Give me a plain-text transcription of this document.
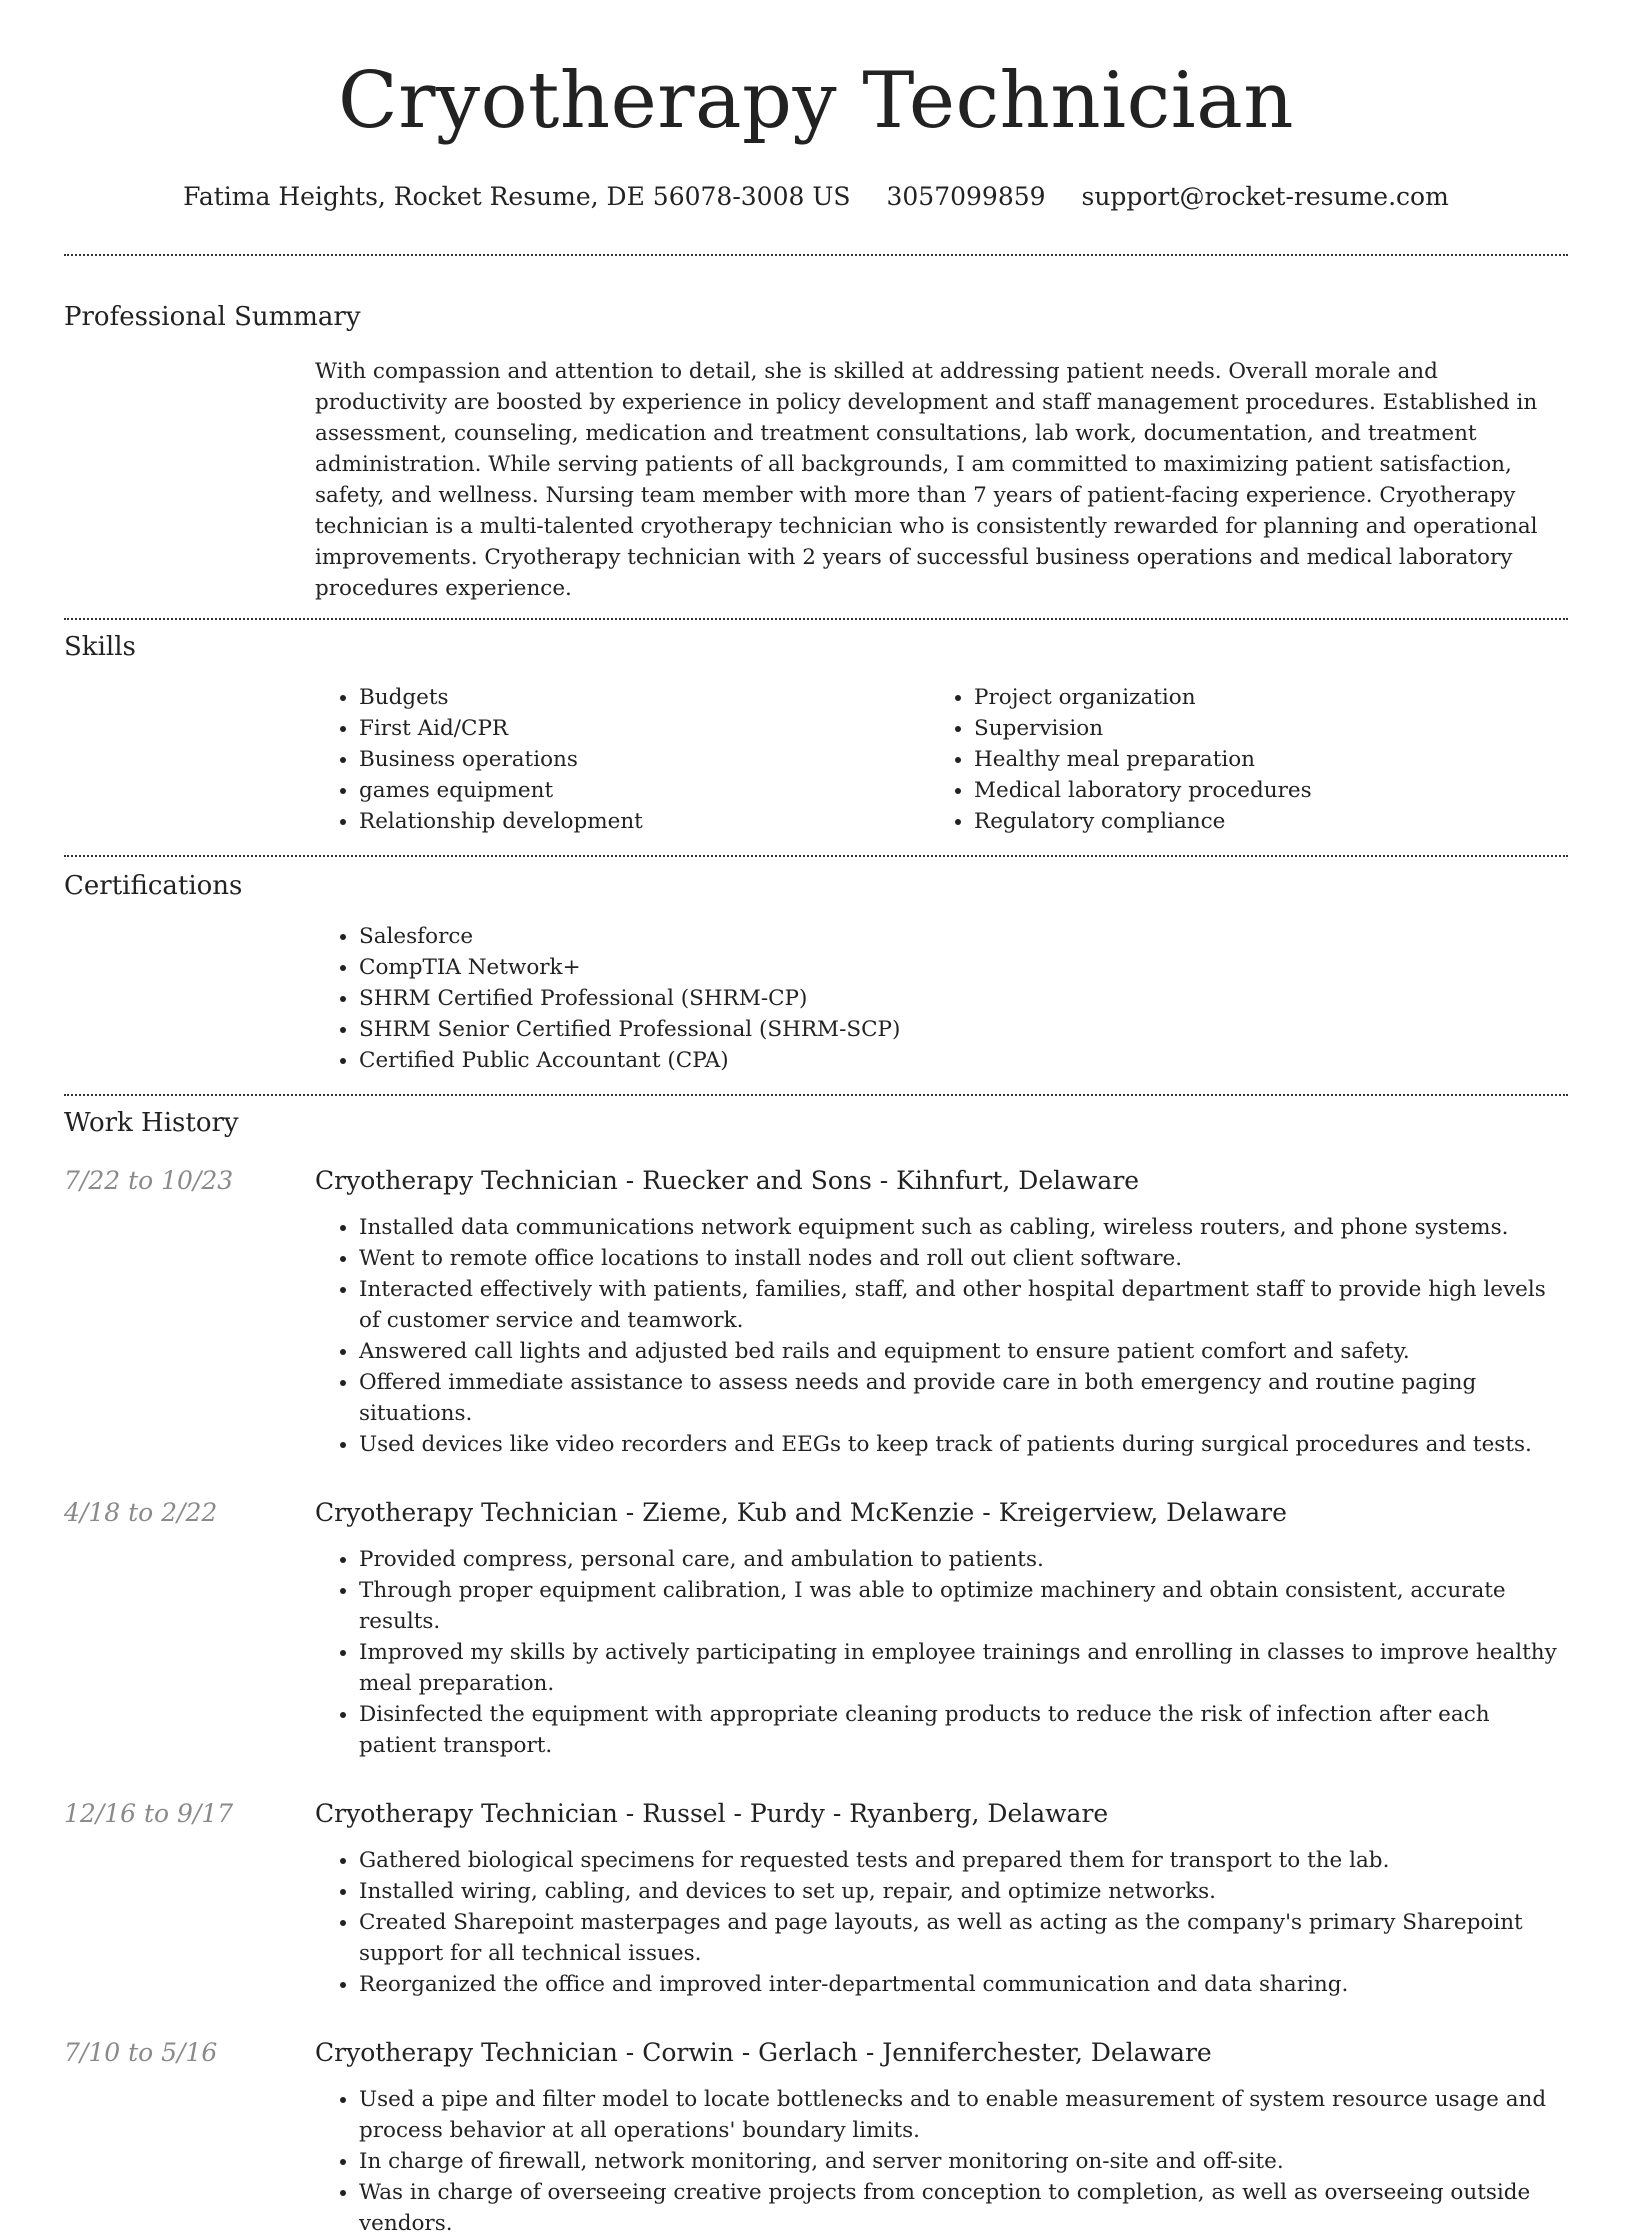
Cryotherapy Technician
Fatima Heights, Rocket Resume, DE 56078-3008 US 3057099859 support@rocket-resume.com
Professional Summary

With compassion and attention to detail, she is skilled at addressing patient needs. Overall morale and productivity are boosted by experience in policy development and staff management procedures. Established in assessment, counseling, medication and treatment consultations, lab work, documentation, and treatment administration. While serving patients of all backgrounds, I am committed to maximizing patient satisfaction, safety, and wellness. Nursing team member with more than 7 years of patient-facing experience. Cryotherapy technician is a multi-talented cryotherapy technician who is consistently rewarded for planning and operational improvements. Cryotherapy technician with 2 years of successful business operations and medical laboratory procedures experience.

Skills
• Budgets
• First Aid/CPR
• Business operations
• games equipment
• Relationship development
• Project organization
• Supervision
• Healthy meal preparation
• Medical laboratory procedures
• Regulatory compliance
Certifications
• Salesforce
• CompTIA Network+
• SHRM Certified Professional (SHRM-CP)
• SHRM Senior Certified Professional (SHRM-SCP)
• Certified Public Accountant (CPA)
Work History
7/22 to 10/23	Cryotherapy Technician - Ruecker and Sons - Kihnfurt, Delaware
• Installed data communications network equipment such as cabling, wireless routers, and phone systems.
• Went to remote office locations to install nodes and roll out client software.
• Interacted effectively with patients, families, staff, and other hospital department staff to provide high levels of customer service and teamwork.
• Answered call lights and adjusted bed rails and equipment to ensure patient comfort and safety.
• Offered immediate assistance to assess needs and provide care in both emergency and routine paging situations.
• Used devices like video recorders and EEGs to keep track of patients during surgical procedures and tests.
4/18 to 2/22	Cryotherapy Technician - Zieme, Kub and McKenzie - Kreigerview, Delaware
• Provided compress, personal care, and ambulation to patients.
• Through proper equipment calibration, I was able to optimize machinery and obtain consistent, accurate results.
• Improved my skills by actively participating in employee trainings and enrolling in classes to improve healthy meal preparation.
• Disinfected the equipment with appropriate cleaning products to reduce the risk of infection after each patient transport.
12/16 to 9/17	Cryotherapy Technician - Russel - Purdy - Ryanberg, Delaware
• Gathered biological specimens for requested tests and prepared them for transport to the lab.
• Installed wiring, cabling, and devices to set up, repair, and optimize networks.
• Created Sharepoint masterpages and page layouts, as well as acting as the company's primary Sharepoint support for all technical issues.
• Reorganized the office and improved inter-departmental communication and data sharing.
7/10 to 5/16	Cryotherapy Technician - Corwin - Gerlach - Jenniferchester, Delaware
• Used a pipe and filter model to locate bottlenecks and to enable measurement of system resource usage and process behavior at all operations' boundary limits.
• In charge of firewall, network monitoring, and server monitoring on-site and off-site.
• Was in charge of overseeing creative projects from conception to completion, as well as overseeing outside vendors.
